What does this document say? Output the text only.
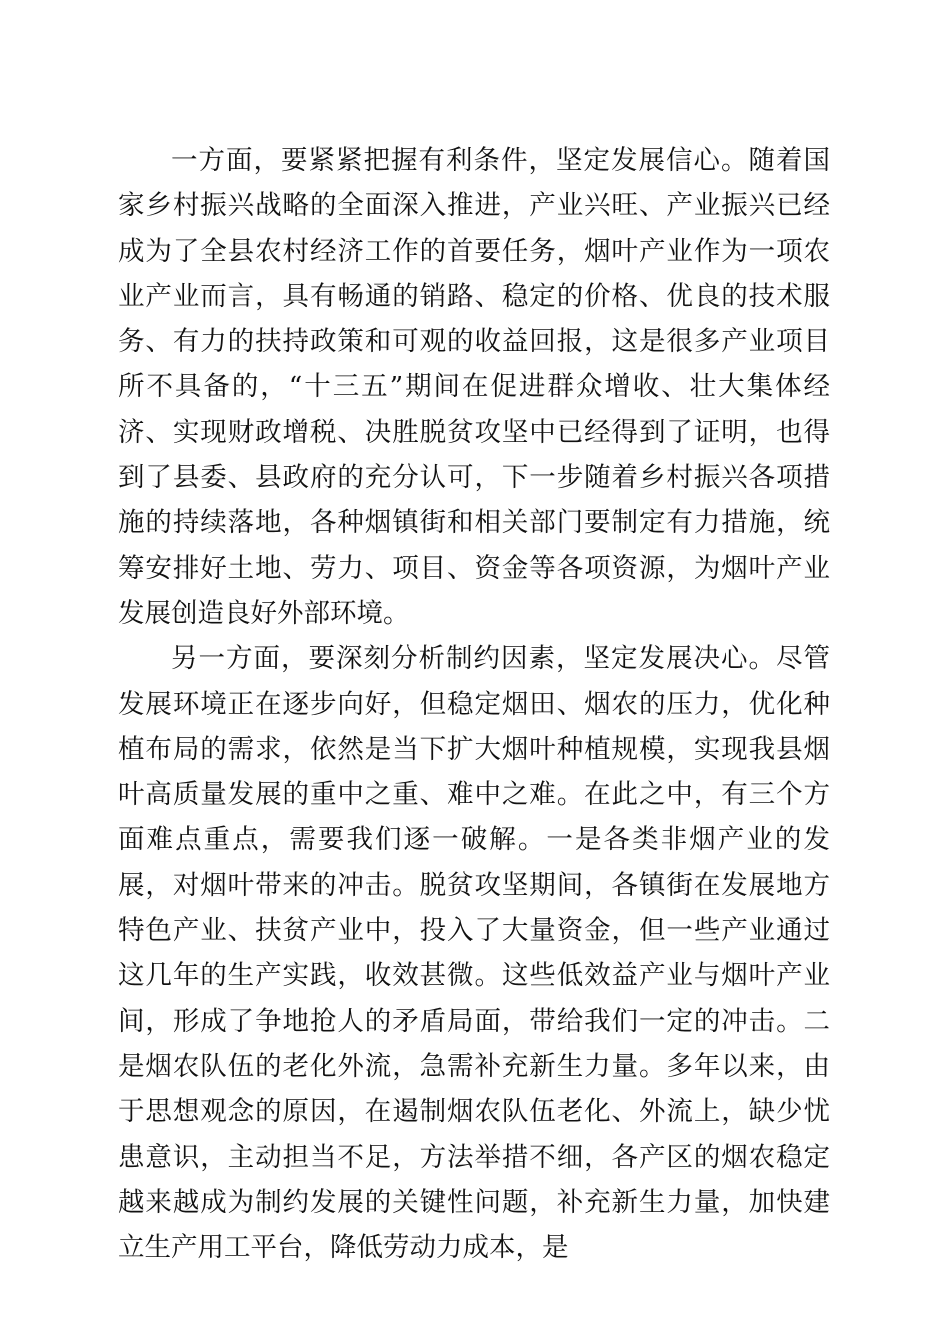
一方面，要紧紧把握有利条件，坚定发展信心。随着国家乡村振兴战略的全面深入推进，产业兴旺、产业振兴已经成为了全县农村经济工作的首要任务，烟叶产业作为一项农业产业而言，具有畅通的销路、稳定的价格、优良的技术服务、有力的扶持政策和可观的收益回报，这是很多产业项目所不具备的，“十三五”期间在促进群众增收、壮大集体经济、实现财政增税、决胜脱贫攻坚中已经得到了证明，也得到了县委、县政府的充分认可，下一步随着乡村振兴各项措施的持续落地，各种烟镇街和相关部门要制定有力措施，统筹安排好土地、劳力、项目、资金等各项资源，为烟叶产业发展创造良好外部环境。

另一方面，要深刻分析制约因素，坚定发展决心。尽管发展环境正在逐步向好，但稳定烟田、烟农的压力，优化种植布局的需求，依然是当下扩大烟叶种植规模，实现我县烟叶高质量发展的重中之重、难中之难。在此之中，有三个方面难点重点，需要我们逐一破解。一是各类非烟产业的发展，对烟叶带来的冲击。脱贫攻坚期间，各镇街在发展地方特色产业、扶贫产业中，投入了大量资金，但一些产业通过这几年的生产实践，收效甚微。这些低效益产业与烟叶产业间，形成了争地抢人的矛盾局面，带给我们一定的冲击。二是烟农队伍的老化外流，急需补充新生力量。多年以来，由于思想观念的原因，在遏制烟农队伍老化、外流上，缺少忧患意识，主动担当不足，方法举措不细，各产区的烟农稳定越来越成为制约发展的关键性问题，补充新生力量，加快建立生产用工平台，降低劳动力成本，是
